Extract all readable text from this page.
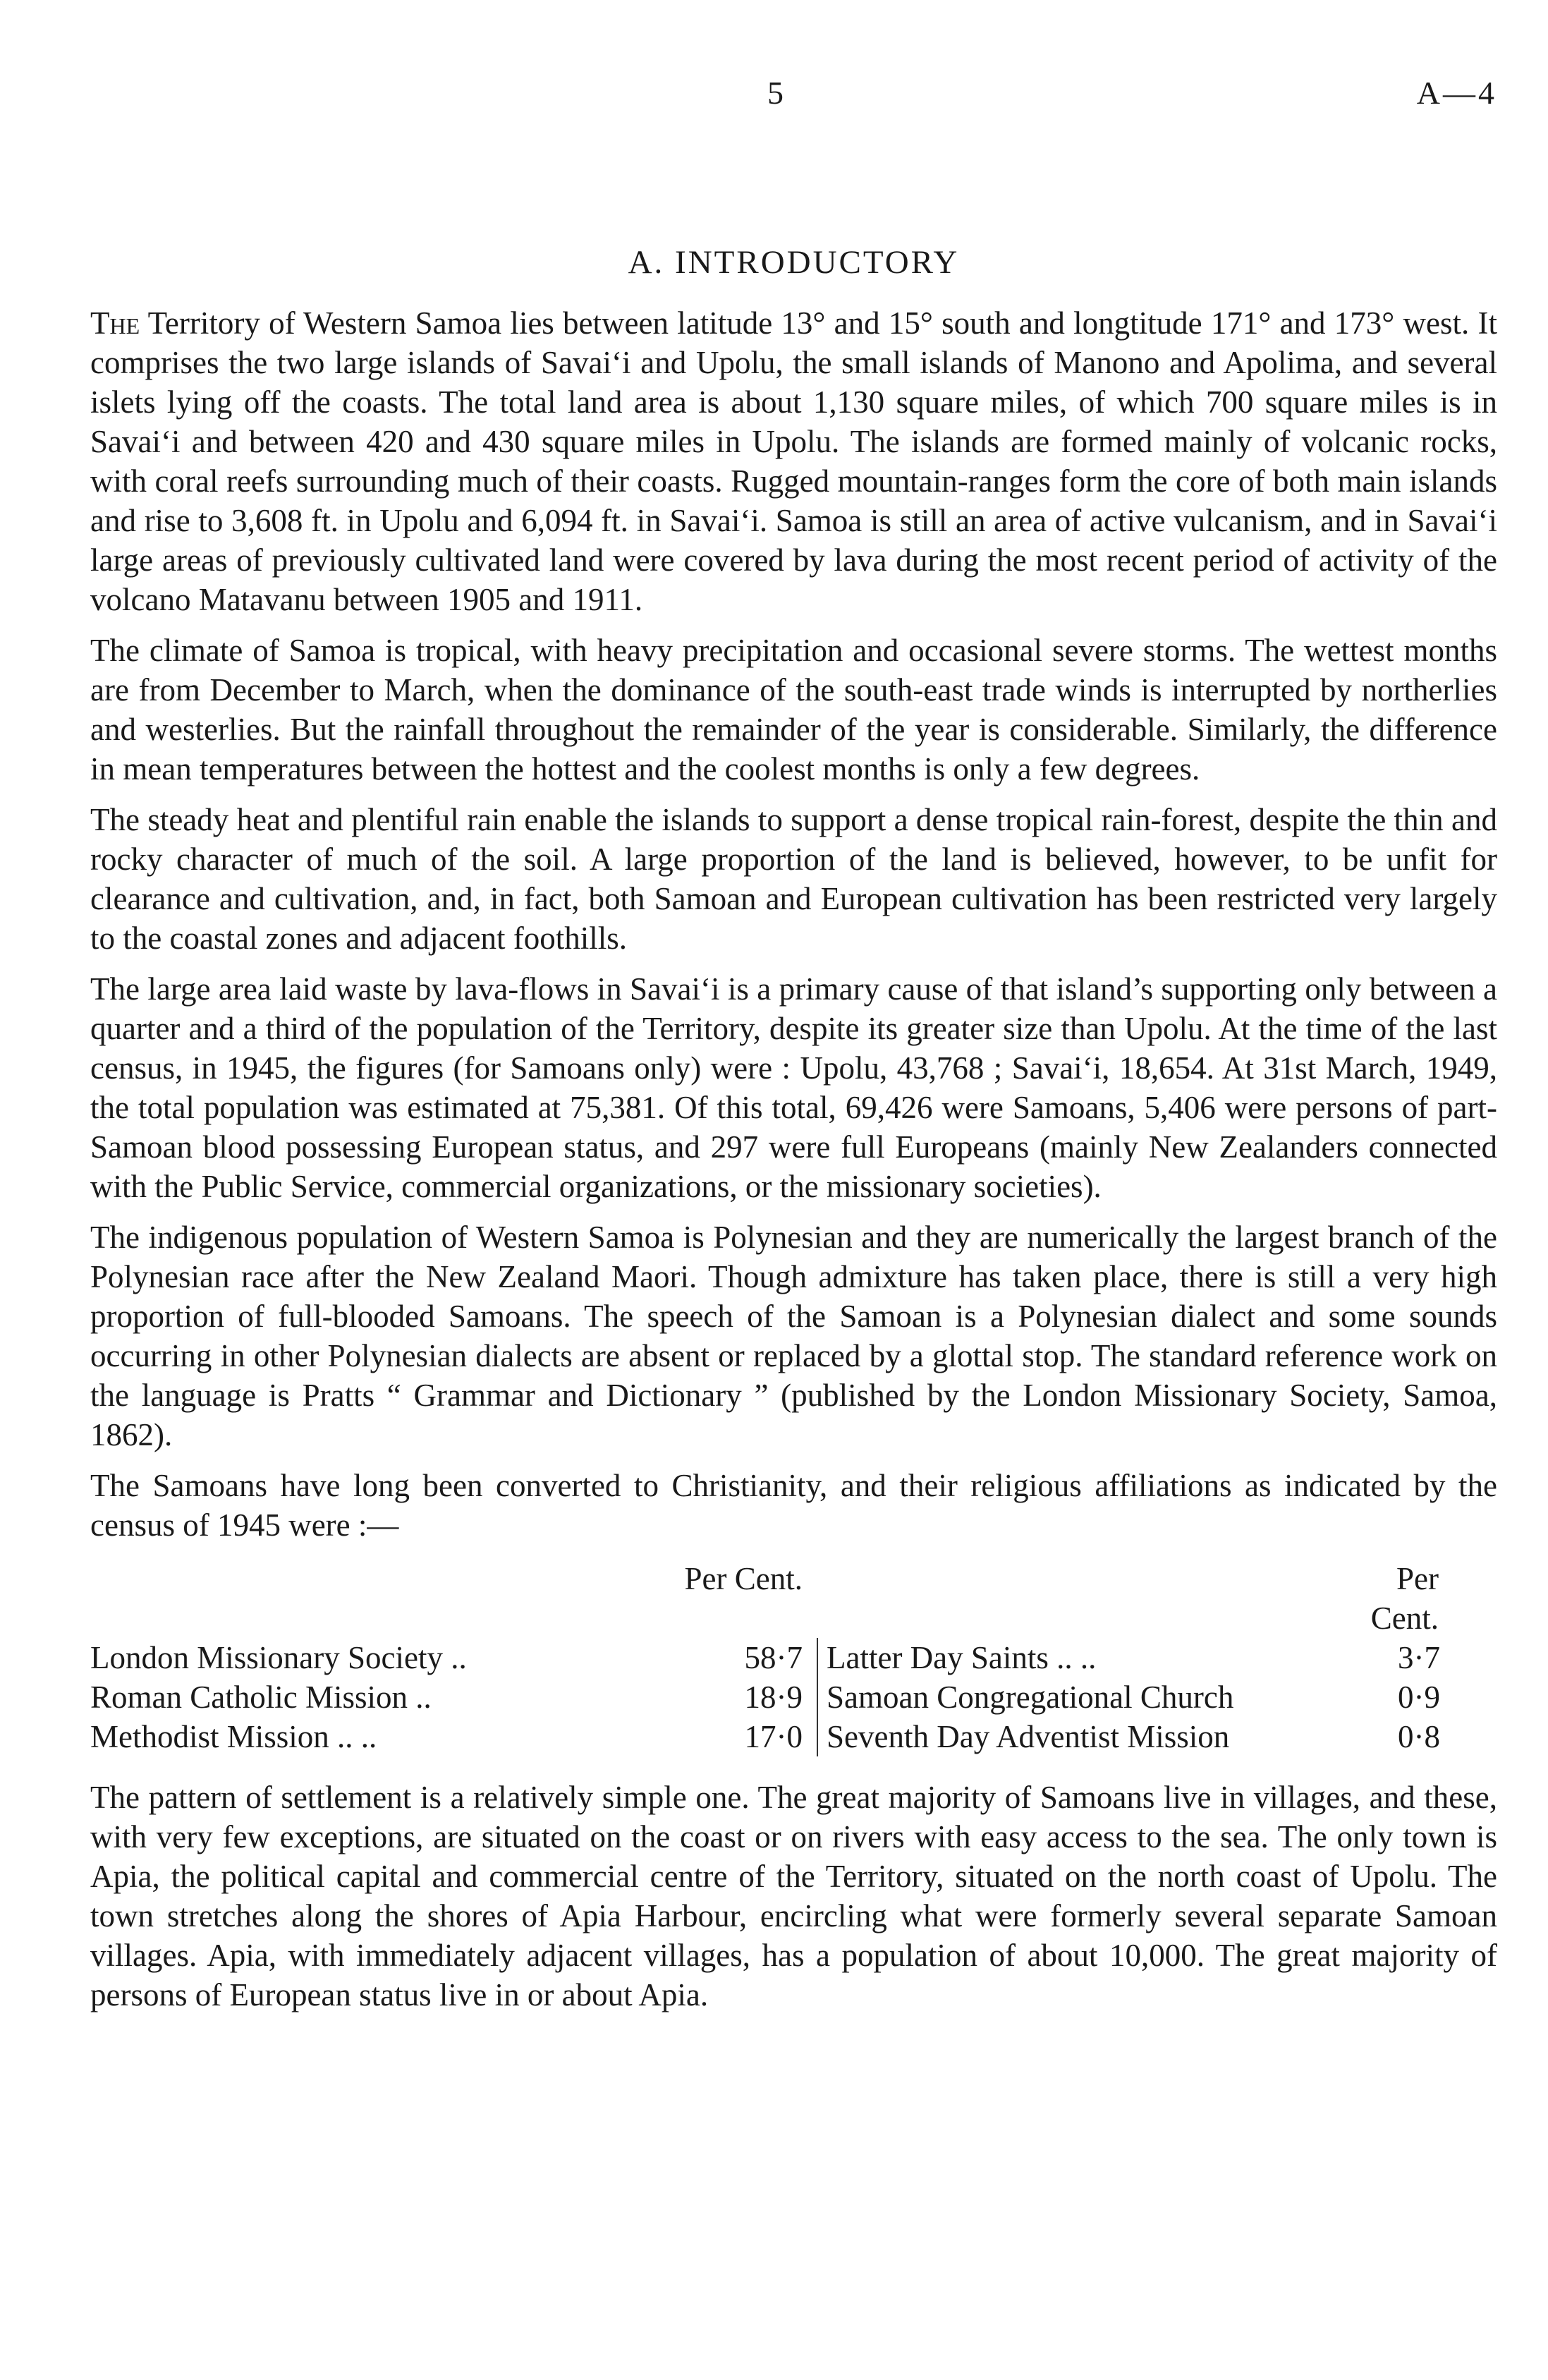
5	A—4
A. INTRODUCTORY

The Territory of Western Samoa lies between latitude 13° and 15° south and longtitude 171° and 173° west. It comprises the two large islands of Savai‘i and Upolu, the small islands of Manono and Apolima, and several islets lying off the coasts. The total land area is about 1,130 square miles, of which 700 square miles is in Savai‘i and between 420 and 430 square miles in Upolu. The islands are formed mainly of volcanic rocks, with coral reefs surrounding much of their coasts. Rugged mountain-ranges form the core of both main islands and rise to 3,608 ft. in Upolu and 6,094 ft. in Savai‘i. Samoa is still an area of active vulcanism, and in Savai‘i large areas of previously cultivated land were covered by lava during the most recent period of activity of the volcano Matavanu between 1905 and 1911.

The climate of Samoa is tropical, with heavy precipitation and occasional severe storms. The wettest months are from December to March, when the dominance of the south-east trade winds is interrupted by northerlies and westerlies. But the rainfall throughout the remainder of the year is considerable. Similarly, the difference in mean temperatures between the hottest and the coolest months is only a few degrees.

The steady heat and plentiful rain enable the islands to support a dense tropical rain-forest, despite the thin and rocky character of much of the soil. A large proportion of the land is believed, however, to be unfit for clearance and cultivation, and, in fact, both Samoan and European cultivation has been restricted very largely to the coastal zones and adjacent foothills.

The large area laid waste by lava-flows in Savai‘i is a primary cause of that island’s supporting only between a quarter and a third of the population of the Territory, despite its greater size than Upolu. At the time of the last census, in 1945, the figures (for Samoans only) were : Upolu, 43,768 ; Savai‘i, 18,654. At 31st March, 1949, the total population was estimated at 75,381. Of this total, 69,426 were Samoans, 5,406 were persons of part-Samoan blood possessing European status, and 297 were full Europeans (mainly New Zealanders connected with the Public Service, commercial organizations, or the missionary societies).

The indigenous population of Western Samoa is Polynesian and they are numerically the largest branch of the Polynesian race after the New Zealand Maori. Though admixture has taken place, there is still a very high proportion of full-blooded Samoans. The speech of the Samoan is a Polynesian dialect and some sounds occurring in other Polynesian dialects are absent or replaced by a glottal stop. The standard reference work on the language is Pratts “ Grammar and Dictionary ” (published by the London Missionary Society, Samoa, 1862).

The Samoans have long been converted to Christianity, and their religious affiliations as indicated by the census of 1945 were :—

Per Cent.	Per Cent.
London Missionary Society ..	58·7 Latter Day Saints .. ..	3·7
Roman Catholic Mission ..	18·9 Samoan Congregational Church	0·9
Methodist Mission .. ..	17·0 Seventh Day Adventist Mission	0·8

The pattern of settlement is a relatively simple one. The great majority of Samoans live in villages, and these, with very few exceptions, are situated on the coast or on rivers with easy access to the sea. The only town is Apia, the political capital and commercial centre of the Territory, situated on the north coast of Upolu. The town stretches along the shores of Apia Harbour, encircling what were formerly several separate Samoan villages. Apia, with immediately adjacent villages, has a population of about 10,000. The great majority of persons of European status live in or about Apia.
